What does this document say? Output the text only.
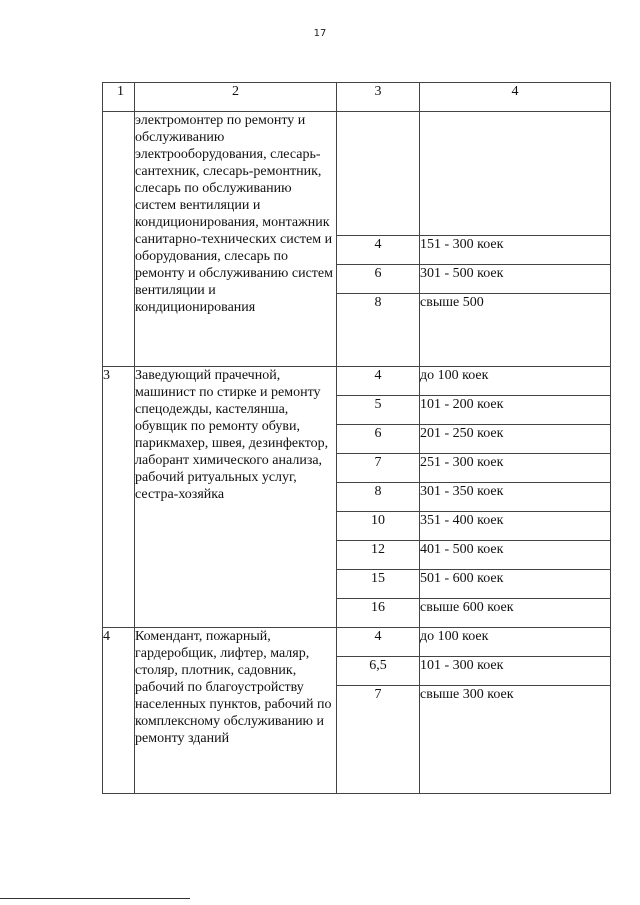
17
1	2	3	4
	электромонтер по ремонту и обслуживанию электрооборудования, слесарь-сантехник, слесарь-ремонтник, слесарь по обслуживанию систем вентиляции и кондиционирования, монтажник санитарно-технических систем и оборудования, слесарь по ремонту и обслуживанию систем вентиляции и кондиционирования		
		4	151 - 300 коек
		6	301 - 500 коек
		8	свыше 500
3	Заведующий прачечной, машинист по стирке и ремонту спецодежды, кастелянша, обувщик по ремонту обуви, парикмахер, швея, дезинфектор, лаборант химического анализа, рабочий ритуальных услуг, сестра-хозяйка	4	до 100 коек
		5	101 - 200 коек
		6	201 - 250 коек
		7	251 - 300 коек
		8	301 - 350 коек
		10	351 - 400 коек
		12	401 - 500 коек
		15	501 - 600 коек
		16	свыше 600 коек
4	Комендант, пожарный, гардеробщик, лифтер, маляр, столяр, плотник, садовник, рабочий по благоустройству населенных пунктов, рабочий по комплексному обслуживанию и ремонту зданий	4	до 100 коек
		6,5	101 - 300 коек
		7	свыше 300 коек
